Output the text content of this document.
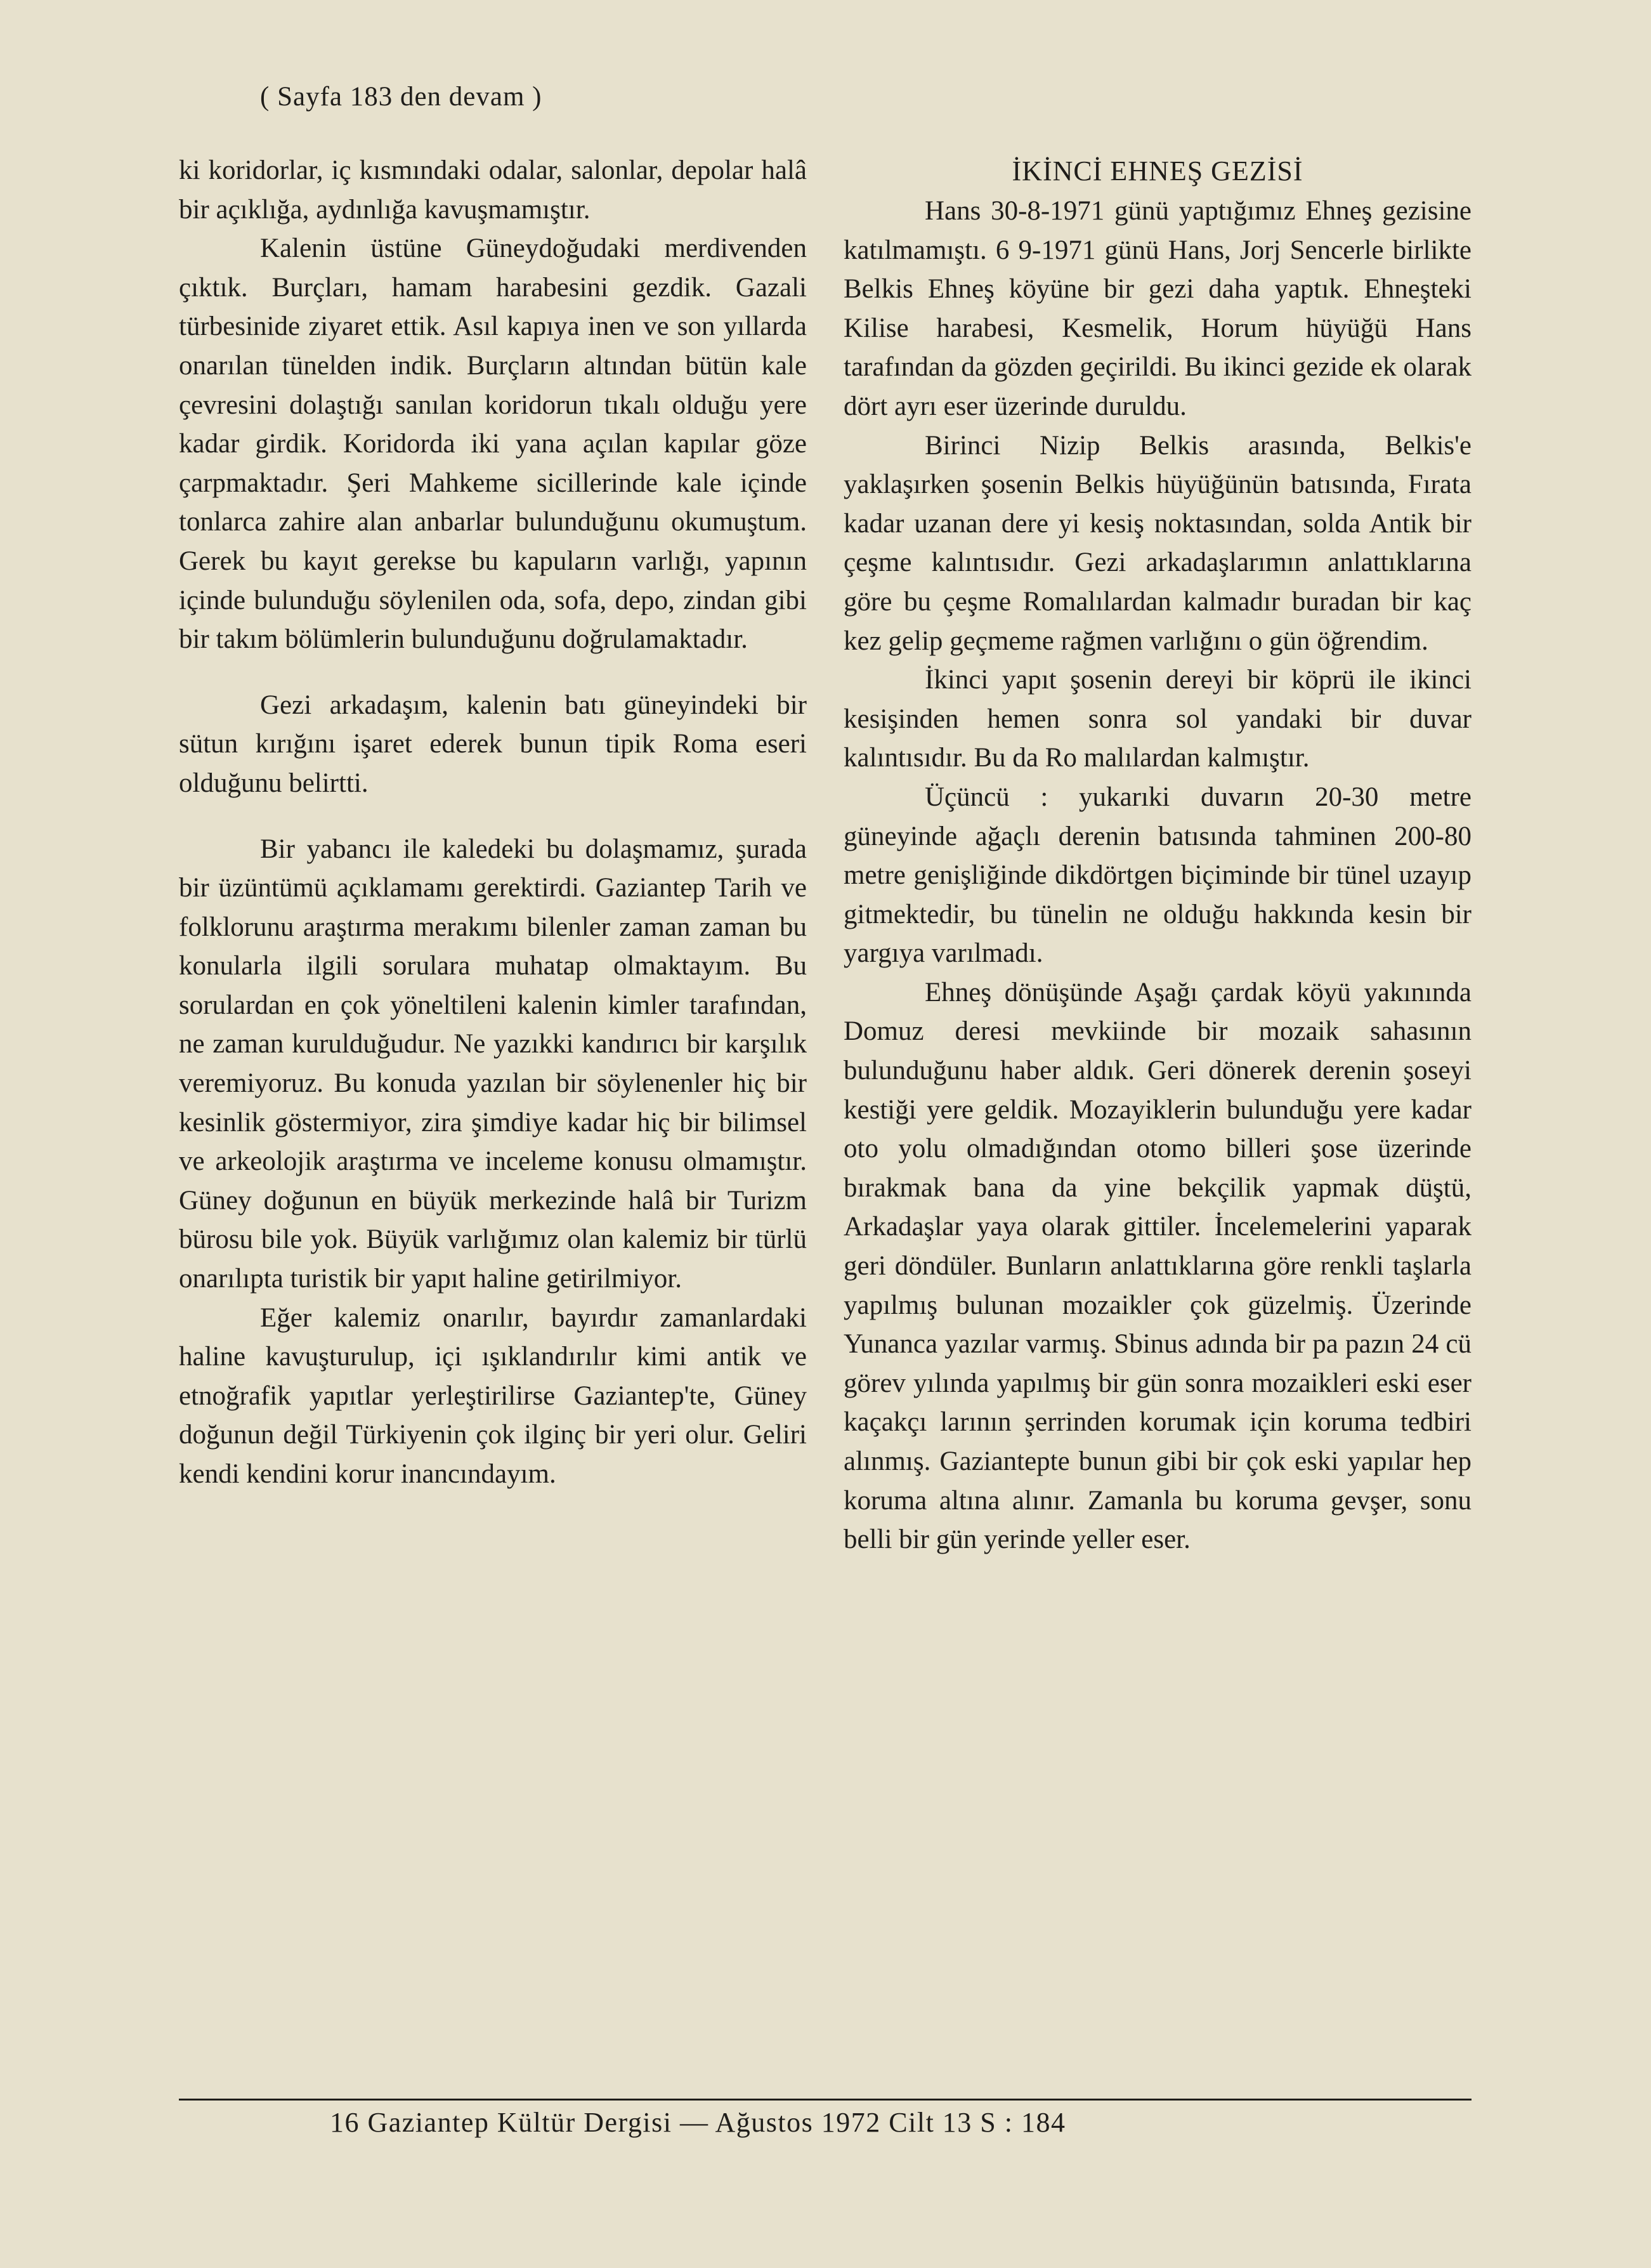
( Sayfa 183 den devam )

ki koridorlar, iç kısmındaki odalar, salonlar, depolar halâ bir açıklığa, aydınlığa kavuşmamıştır.

Kalenin üstüne Güneydoğudaki merdivenden çıktık. Burçları, hamam harabesini gezdik. Gazali türbesinide ziyaret ettik. Asıl kapıya inen ve son yıllarda onarılan tünelden indik. Burçların altından bütün kale çevresini dolaştığı sanılan koridorun tıkalı olduğu yere kadar girdik. Koridorda iki yana açılan kapılar göze çarpmaktadır. Şeri Mahkeme sicillerinde kale içinde tonlarca zahire alan anbarlar bulunduğunu okumuştum. Gerek bu kayıt gerekse bu kapuların varlığı, yapının içinde bulunduğu söylenilen oda, sofa, depo, zindan gibi bir takım bölümlerin bulunduğunu doğrulamaktadır.

Gezi arkadaşım, kalenin batı güneyindeki bir sütun kırığını işaret ederek bunun tipik Roma eseri olduğunu belirtti.

Bir yabancı ile kaledeki bu dolaşmamız, şurada bir üzüntümü açıklamamı gerektirdi. Gaziantep Tarih ve folklorunu araştırma merakımı bilenler zaman zaman bu konularla ilgili sorulara muhatap olmaktayım. Bu sorulardan en çok yöneltileni kalenin kimler tarafından, ne zaman kurulduğudur. Ne yazıkki kandırıcı bir karşılık veremiyoruz. Bu konuda yazılan bir söylenenler hiç bir kesinlik göstermiyor, zira şimdiye kadar hiç bir bilimsel ve arkeolojik araştırma ve inceleme konusu olmamıştır. Güney doğunun en büyük merkezinde halâ bir Turizm bürosu bile yok. Büyük varlığımız olan kalemiz bir türlü onarılıpta turistik bir yapıt haline getirilmiyor.

Eğer kalemiz onarılır, bayırdır zamanlardaki haline kavuşturulup, içi ışıklandırılır kimi antik ve etnoğrafik yapıtlar yerleştirilirse Gaziantep'te, Güney doğunun değil Türkiyenin çok ilginç bir yeri olur. Geliri kendi kendini korur inancındayım.

İKİNCİ EHNEŞ GEZİSİ

Hans 30-8-1971 günü yaptığımız Ehneş gezisine katılmamıştı. 6 9-1971 günü Hans, Jorj Sencerle birlikte Belkis Ehneş köyüne bir gezi daha yaptık. Ehneşteki Kilise harabesi, Kesmelik, Horum hüyüğü Hans tarafından da gözden geçirildi. Bu ikinci gezide ek olarak dört ayrı eser üzerinde duruldu.

Birinci Nizip Belkis arasında, Belkis'e yaklaşırken şosenin Belkis hüyüğünün batısında, Fırata kadar uzanan dere yi kesiş noktasından, solda Antik bir çeşme kalıntısıdır. Gezi arkadaşlarımın anlattıklarına göre bu çeşme Romalılardan kalmadır buradan bir kaç kez gelip geçmeme rağmen varlığını o gün öğrendim.

İkinci yapıt şosenin dereyi bir köprü ile ikinci kesişinden hemen sonra sol yandaki bir duvar kalıntısıdır. Bu da Ro malılardan kalmıştır.

Üçüncü : yukarıki duvarın 20-30 metre güneyinde ağaçlı derenin batısında tahminen 200-80 metre genişliğinde dikdörtgen biçiminde bir tünel uzayıp gitmektedir, bu tünelin ne olduğu hakkında kesin bir yargıya varılmadı.

Ehneş dönüşünde Aşağı çardak köyü yakınında Domuz deresi mevkiinde bir mozaik sahasının bulunduğunu haber aldık. Geri dönerek derenin şoseyi kestiği yere geldik. Mozayiklerin bulunduğu yere kadar oto yolu olmadığından otomo billeri şose üzerinde bırakmak bana da yine bekçilik yapmak düştü, Arkadaşlar yaya olarak gittiler. İncelemelerini yaparak geri döndüler. Bunların anlattıklarına göre renkli taşlarla yapılmış bulunan mozaikler çok güzelmiş. Üzerinde Yunanca yazılar varmış. Sbinus adında bir pa pazın 24 cü görev yılında yapılmış bir gün sonra mozaikleri eski eser kaçakçı larının şerrinden korumak için koruma tedbiri alınmış. Gaziantepte bunun gibi bir çok eski yapılar hep koruma altına alınır. Zamanla bu koruma gevşer, sonu belli bir gün yerinde yeller eser.

16 Gaziantep Kültür Dergisi — Ağustos 1972 Cilt 13 S : 184
